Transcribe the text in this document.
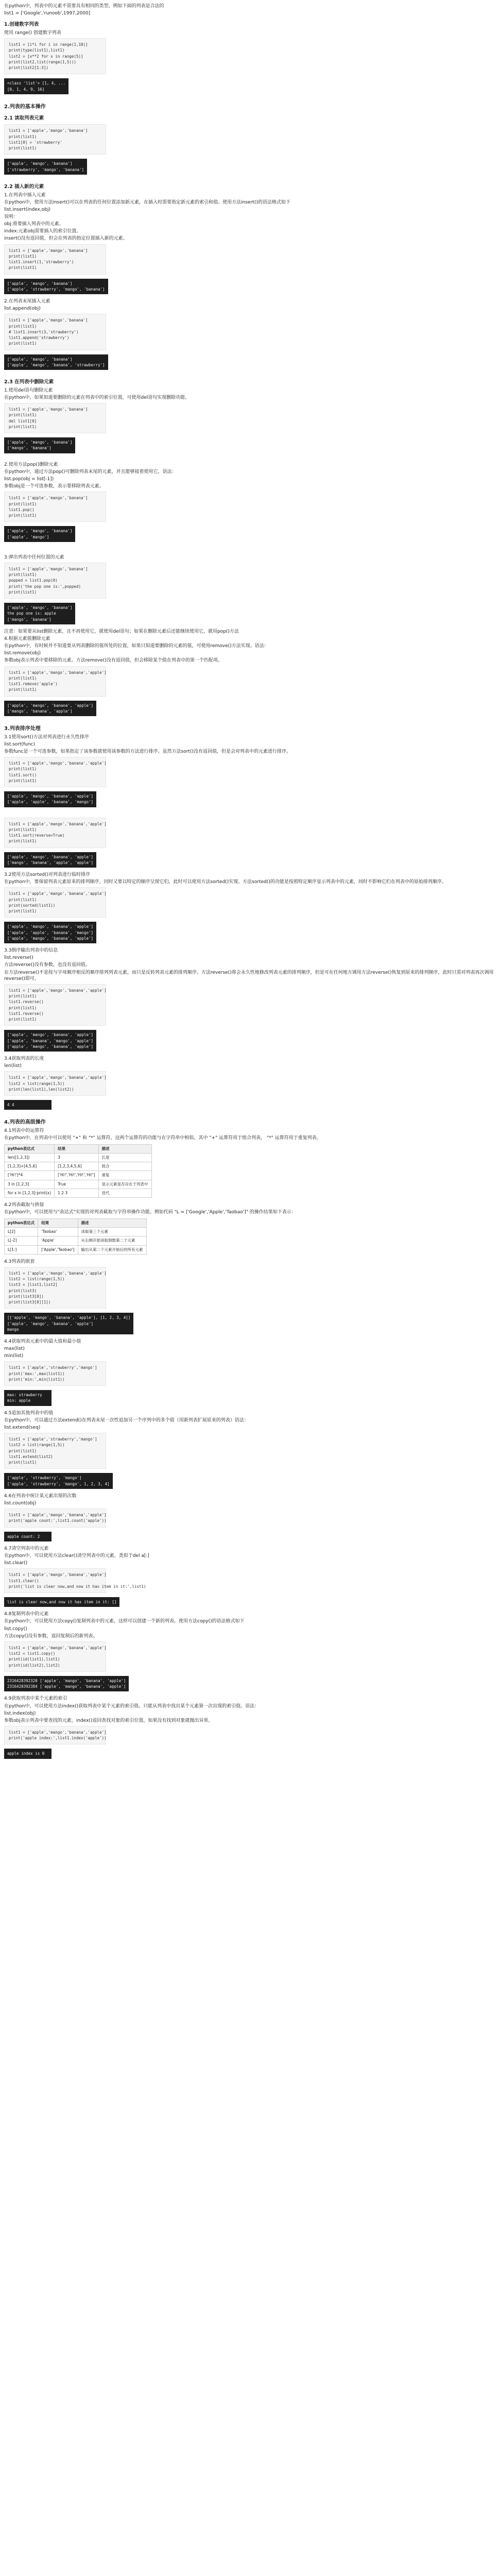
在python中，列表中的元素不需要具有相同的类型，例如下面的列表是合法的

list1 = ['Google','runoob',1997,2000]

1.创建数字列表

使用 range() 创建数字列表

list1 = [i*i for i in range(1,10)]
print(type(list1),list1)
list2 = [x**2 for x in range(5)]
print(list2,list(range(1,5)))
print(list2[1:3])
<class 'list'> [1, 4, ...
[0, 1, 4, 9, 16]
2.列表的基本操作
2.1 读取列表元素
list1 = ['apple','mango','banana']
print(list1)
list1[0] = 'strawberry'
print(list1)
['apple', 'mango', 'banana']
['strawberry', 'mango', 'banana']
2.2 插入新的元素

1.在列表中插入元素

在python中，使用方法insert()可以在列表的任何位置添加新元素，在插入时需要指定新元素的索引和值。使用方法insert()的语法格式如下

list.insert(index,obj)

说明：

obj:将要插入列表中的元素。

index:元素obj需要插入的索引位置。

insert()没有返回值，但会在列表的指定位置插入新的元素。

list1 = ['apple','mango','banana']
print(list1)
list1.insert(1,'strawberry')
print(list1)
['apple', 'mango', 'banana']
['apple', 'strawberry', 'mango', 'banana']

2.在列表末尾插入元素

list.append(obj)

list1 = ['apple','mango','banana']
print(list1)
# list1.insert(3,'strawberry')
list1.append('strawberry')
print(list1)
['apple', 'mango', 'banana']
['apple', 'mango', 'banana', 'strawberry']
2.3 在列表中删除元素

1.使用del语句删除元素

在python中，如果知道要删除的元素在列表中的索引位置，可使用del语句实现删除功能。

list1 = ['apple','mango','banana']
print(list1)
del list1[0]
print(list1)
['apple', 'mango', 'banana']
['mango', 'banana']

2.使用方法pop()删除元素

在python中，通过方法pop()可删除列表末尾的元素，并且能够接着使用它，语法：

list.pop(obj = list[-1])

参数obj是一个可选参数，表示要移除列表元素。

list1 = ['apple','mango','banana']
print(list1)
list1.pop()
print(list1)
['apple', 'mango', 'banana']
['apple', 'mango']

3.弹出列表中任何位置的元素

list1 = ['apple','mango','banana']
print(list1)
popped = list1.pop(0)
print('the pop one is:',popped)
print(list1)
['apple', 'mango', 'banana']
the pop one is: apple
['mango', 'banana']

注意：如果要从list删除元素，且不再使用它，就使用del语句；如果在删除元素后还能继续使用它，就用pop()方法

4.根据元素值删除元素

在python中，有时候并不知道要从列表删除的值所处的位置，如果只知道要删除的元素的值，可使用remove()方法实现。语法：

list.remove(obj)

参数obj表示列表中要移除的元素。方法remove()没有返回值，但会移除某个值在列表中的第一个匹配项。

list1 = ['apple','mango','banana','apple']
print(list1)
list1.remove('apple')
print(list1)
['apple', 'mango', 'banana', 'apple']
['mango', 'banana', 'apple']
3.列表排序处理

3.1使用sort()方法对列表进行永久性排序

list.sort(func)

参数func是一个可选参数，如果指定了该参数就使用该参数的方法进行排序。虽然方法sort()没有返回值，但是会对列表中的元素进行排序。

list1 = ['apple','mango','banana','apple']
print(list1)
list1.sort()
print(list1)
['apple', 'mango', 'banana', 'apple']
['apple', 'apple', 'banana', 'mango']
list1 = ['apple','mango','banana','apple']
print(list1)
list1.sort(reverse=True)
print(list1)
['apple', 'mango', 'banana', 'apple']
['mango', 'banana', 'apple', 'apple']

3.2使用方法sorted()对列表进行临时排序

在python中，要保留列表元素原来的排列顺序，同时又要以特定的顺序呈现它们，此时可以使用方法sorted()实现。方法sorted()的功能是按照特定顺序显示列表中的元素，同时不影响它们在列表中的原始排列顺序。

list1 = ['apple','mango','banana','apple']
print(list1)
print(sorted(list1))
print(list1)
['apple', 'mango', 'banana', 'apple']
['apple', 'apple', 'banana', 'mango']
['apple', 'mango', 'banana', 'apple']

3.3倒序输出列表中的信息

list.reverse()

方法reverse()没有参数，也没有返回值。

在方法reverse()不是按与字母顺序相反的顺序排列列表元素，而只是反转列表元素的排列顺序。方法reverse()将会永久性地修改列表元素的排列顺序，但是可在任何地方调用方法reverse()恢复到原来的排列顺序，此时只需对列表再次调用reverse()即可。

list1 = ['apple','mango','banana','apple']
print(list1)
list1.reverse()
print(list1)
list1.reverse()
print(list1)
['apple', 'mango', 'banana', 'apple']
['apple', 'banana', 'mango', 'apple']
['apple', 'mango', 'banana', 'apple']

3.4获取列表的长度

len(list)

list1 = ['apple','mango','banana','apple']
list2 = list(range(1,5))
print(len(list1),len(list2))
4 4
4.列表的高级操作

4.1列表中的运算符

在python中，在列表中可以使用 "+" 和 "*" 运算符，这两个运算符的功能与在字符串中相似，其中 "+" 运算符用于组合列表， "*" 运算符用于重复列表。

python表达式	结果	描述
len([1,2,3])	3	长度
[1,2,3]+[4,5,6]	[1,2,3,4,5,6]	组合
['Hi!']*4	['Hi!','Hi!','Hi!','Hi!']	重复
3 in [1,2,3]	True	显示元素是否存在于列表中
for x in [1,2,3]:print(x)	1 2 3	迭代

4.2列表截取与拼接

在python中，可以使用与"表达式"实现的对列表截取与字符串操作功能。例如代码 "L = ['Google','Apple','Taobao']" 的操作结果如下表示：

python表达式	结果	描述
L[2]	'Taobao'	读取第三个元素
L[-2]	'Apple'	从右侧开始读取倒数第二个元素
L[1:]	['Apple','Taobao']	输出从第二个元素开始后的所有元素

4.3列表的嵌套

list1 = ['apple','mango','banana','apple']
list2 = list(range(1,5))
list3 = [list1,list2]
print(list3)
print(list3[0])
print(list3[0][1])
[['apple', 'mango', 'banana', 'apple'], [1, 2, 3, 4]]
['apple', 'mango', 'banana', 'apple']
mango

4.4获取列表元素中的最大值和最小值

max(list)

min(list)

list1 = ['apple','strawberry','mango']
print('max:',max(list1))
print('min:',min(list1))
max: strawberry
min: apple

4.5追加其他列表中的值

在python中，可以通过方法extend()在列表末尾一次性追加另一个序列中的多个值（用新列表扩展原来的列表）语法：

list.extend(seq)

list1 = ['apple','strawberry','mango']
list2 = list(range(1,5))
print(list1)
list1.extend(list2)
print(list1)
['apple', 'strawberry', 'mango']
['apple', 'strawberry', 'mango', 1, 2, 3, 4]

4.6在列表中统计某元素出现的次数

list.count(obj)

list1 = ['apple','mango','banana','apple']
print('apple count:',list1.count('apple'))
apple count: 2

4.7清空列表中的元素

在python中，可以使用方法clear()清空列表中的元素，类似于del a[:]

list.clear()

list1 = ['apple','mango','banana','apple']
list1.clear()
print('list is clear now,and now it has item in it:',list1)
list is clear now,and now it has item in it: []

4.8复制列表中的元素

在python中，可以使用方法copy()复制列表中的元素，这样可以创建一个新的列表。使用方法copy()的语法格式如下

list.copy()

方法copy()没有参数，返回复制后的新列表。

list1 = ['apple','mango','banana','apple']
list2 = list1.copy()
print(id(list1),list1)
print(id(list2),list2)
2316428392320 ['apple', 'mango', 'banana', 'apple']
2316428392384 ['apple', 'mango', 'banana', 'apple']

4.9获取列表中某个元素的索引

在python中，可以使用方法index()获取列表中某个元素的索引值。只能从列表中找出某个元素第一次出现的索引值。语法：

list.index(obj)

参数obj表示列表中要查找的元素，index()返回查找对象的索引位置，如果没有找到对象就抛出异常。

list1 = ['apple','mango','banana','apple']
print('apple index:',list1.index('apple'))
apple index is 0
